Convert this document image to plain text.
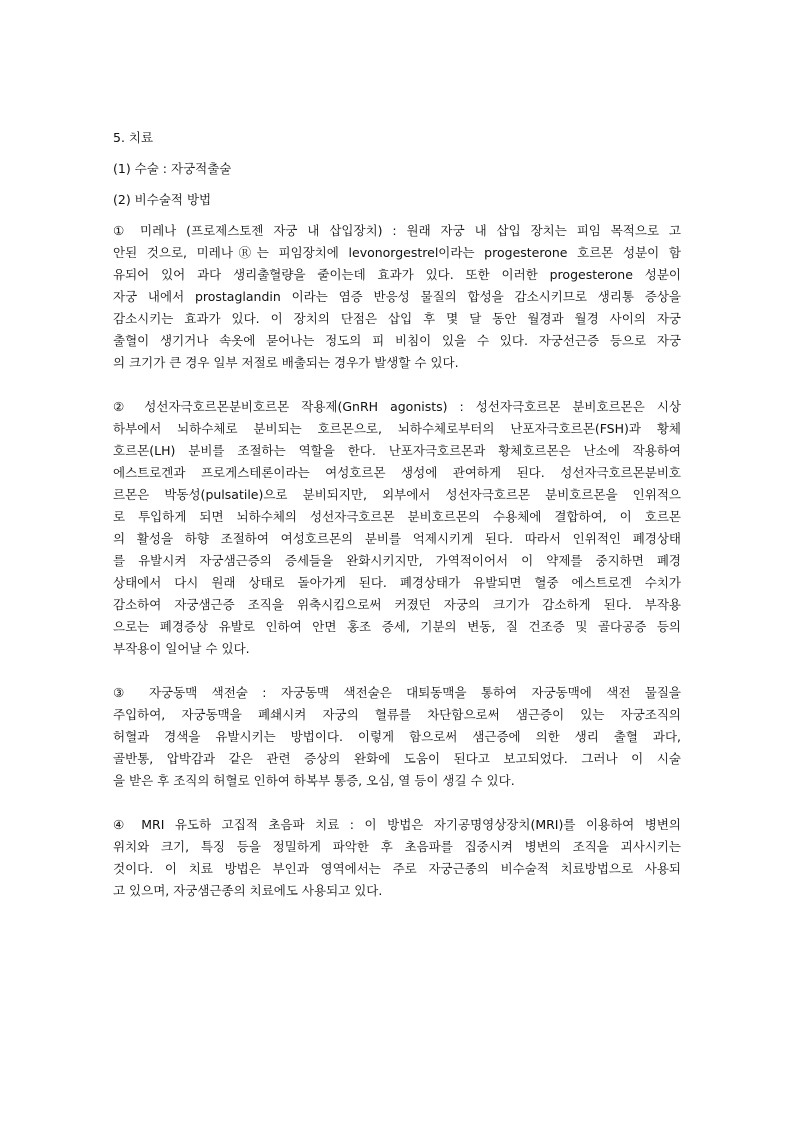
5. 치료
(1) 수술 : 자궁적출술
(2) 비수술적 방법
① 미레나 (프로제스토젠 자궁 내 삽입장치) : 원래 자궁 내 삽입 장치는 피임 목적으로 고
안된 것으로, 미레나Ⓡ는 피임장치에 levonorgestrel이라는 progesterone 호르몬 성분이 함
유되어 있어 과다 생리출혈량을 줄이는데 효과가 있다. 또한 이러한 progesterone 성분이
자궁 내에서 prostaglandin 이라는 염증 반응성 물질의 합성을 감소시키므로 생리통 증상을
감소시키는 효과가 있다. 이 장치의 단점은 삽입 후 몇 달 동안 월경과 월경 사이의 자궁
출혈이 생기거나 속옷에 묻어나는 정도의 피 비침이 있을 수 있다. 자궁선근증 등으로 자궁
의 크기가 큰 경우 일부 저절로 배출되는 경우가 발생할 수 있다.
② 성선자극호르몬분비호르몬 작용제(GnRH agonists) : 성선자극호르몬 분비호르몬은 시상
하부에서 뇌하수체로 분비되는 호르몬으로, 뇌하수체로부터의 난포자극호르몬(FSH)과 황체
호르몬(LH) 분비를 조절하는 역할을 한다. 난포자극호르몬과 황체호르몬은 난소에 작용하여
에스트로겐과 프로게스테론이라는 여성호르몬 생성에 관여하게 된다. 성선자극호르몬분비호
르몬은 박동성(pulsatile)으로 분비되지만, 외부에서 성선자극호르몬 분비호르몬을 인위적으
로 투입하게 되면 뇌하수체의 성선자극호르몬 분비호르몬의 수용체에 결합하여, 이 호르몬
의 활성을 하향 조절하여 여성호르몬의 분비를 억제시키게 된다. 따라서 인위적인 폐경상태
를 유발시켜 자궁샘근증의 증세들을 완화시키지만, 가역적이어서 이 약제를 중지하면 폐경
상태에서 다시 원래 상태로 돌아가게 된다. 폐경상태가 유발되면 혈중 에스트로겐 수치가
감소하여 자궁샘근증 조직을 위축시킴으로써 커졌던 자궁의 크기가 감소하게 된다. 부작용
으로는 폐경증상 유발로 인하여 안면 홍조 증세, 기분의 변동, 질 건조증 및 골다공증 등의
부작용이 일어날 수 있다.
③ 자궁동맥 색전술 : 자궁동맥 색전술은 대퇴동맥을 통하여 자궁동맥에 색전 물질을
주입하여, 자궁동맥을 폐쇄시켜 자궁의 혈류를 차단함으로써 샘근증이 있는 자궁조직의
허혈과 경색을 유발시키는 방법이다. 이렇게 함으로써 샘근증에 의한 생리 출혈 과다,
골반통, 압박감과 같은 관련 증상의 완화에 도움이 된다고 보고되었다. 그러나 이 시술
을 받은 후 조직의 허혈로 인하여 하복부 통증, 오심, 열 등이 생길 수 있다.
④ MRI 유도하 고집적 초음파 치료 : 이 방법은 자기공명영상장치(MRI)를 이용하여 병변의
위치와 크기, 특징 등을 정밀하게 파악한 후 초음파를 집중시켜 병변의 조직을 괴사시키는
것이다. 이 치료 방법은 부인과 영역에서는 주로 자궁근종의 비수술적 치료방법으로 사용되
고 있으며, 자궁샘근종의 치료에도 사용되고 있다.
